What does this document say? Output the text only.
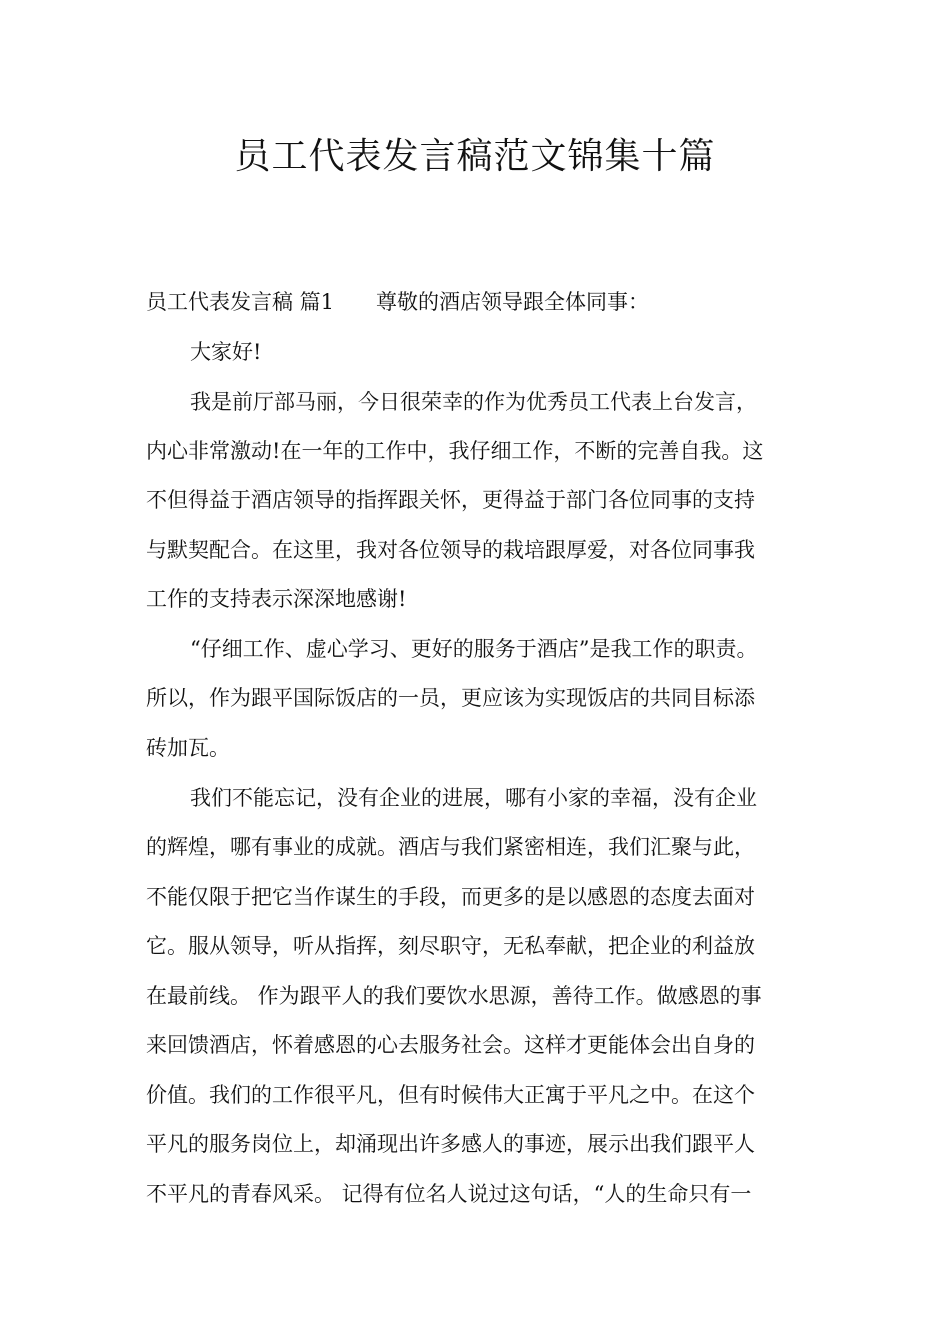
员工代表发言稿范文锦集十篇

员工代表发言稿 篇1　　尊敬的酒店领导跟全体同事：

大家好!

我是前厅部马丽，今日很荣幸的作为优秀员工代表上台发言，

内心非常激动!在一年的工作中，我仔细工作，不断的完善自我。这

不但得益于酒店领导的指挥跟关怀，更得益于部门各位同事的支持

与默契配合。在这里，我对各位领导的栽培跟厚爱，对各位同事我

工作的支持表示深深地感谢!

“仔细工作、虚心学习、更好的服务于酒店”是我工作的职责。

所以，作为跟平国际饭店的一员，更应该为实现饭店的共同目标添

砖加瓦。

我们不能忘记，没有企业的进展，哪有小家的幸福，没有企业

的辉煌，哪有事业的成就。酒店与我们紧密相连，我们汇聚与此，

不能仅限于把它当作谋生的手段，而更多的是以感恩的态度去面对

它。服从领导，听从指挥，刻尽职守，无私奉献，把企业的利益放

在最前线。 作为跟平人的我们要饮水思源，善待工作。做感恩的事

来回馈酒店，怀着感恩的心去服务社会。这样才更能体会出自身的

价值。我们的工作很平凡，但有时候伟大正寓于平凡之中。在这个

平凡的服务岗位上，却涌现出许多感人的事迹，展示出我们跟平人

不平凡的青春风采。 记得有位名人说过这句话，“人的生命只有一
